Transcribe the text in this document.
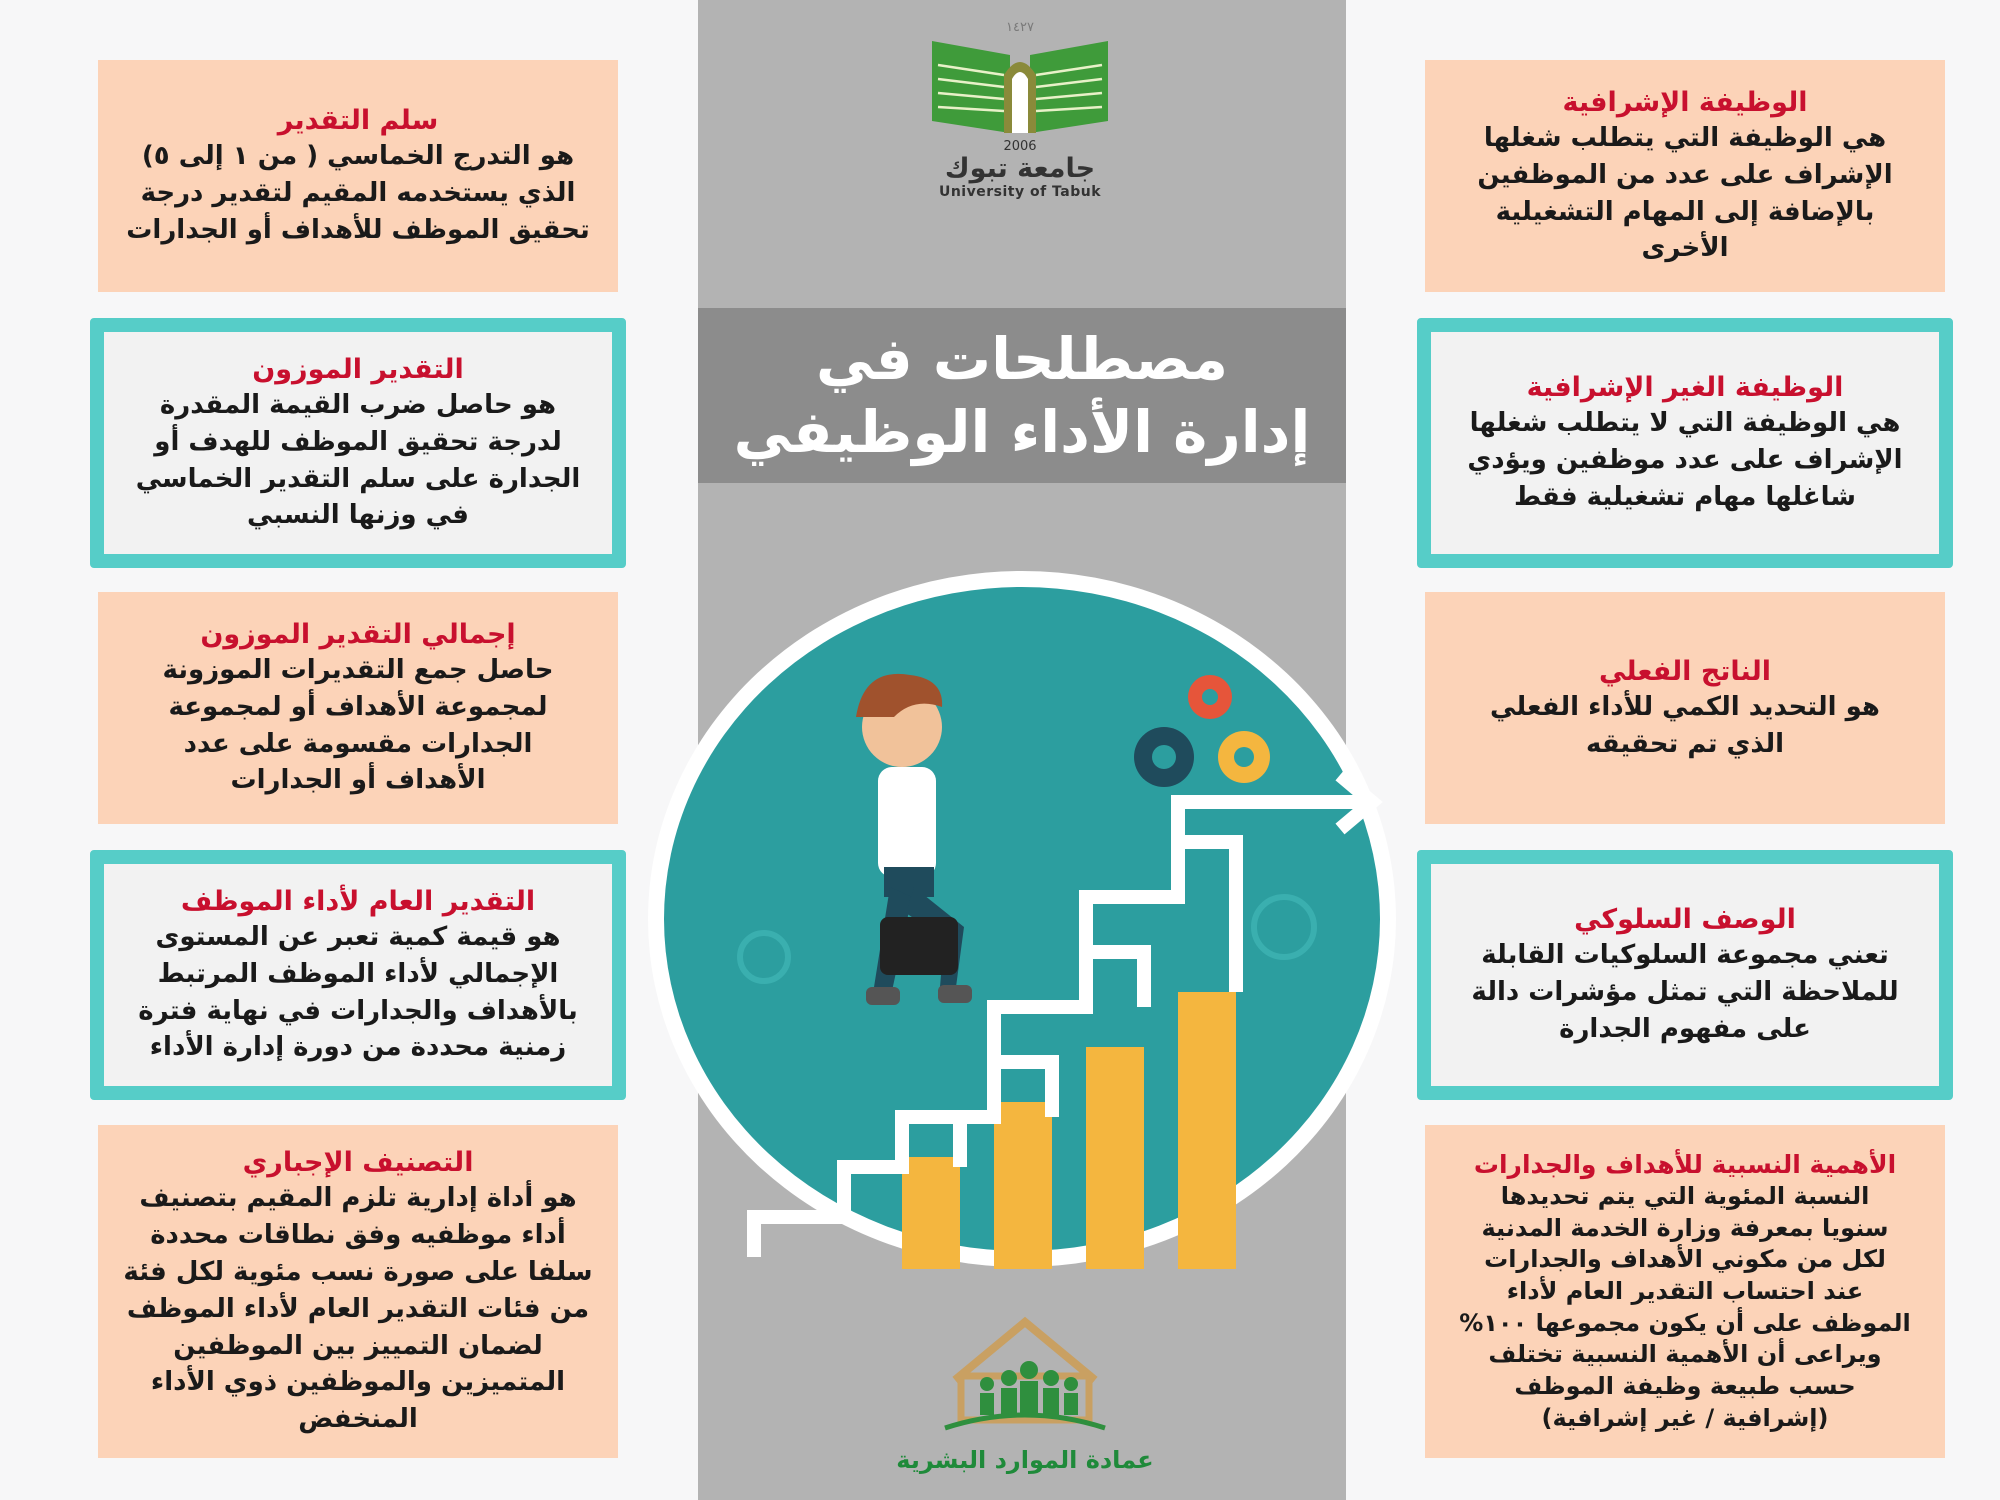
١٤٢٧
2006
جامعة تبوك
University of Tabuk
مصطلحات في
إدارة الأداء الوظيفي
عمادة الموارد البشرية
سلم التقدير
هو التدرج الخماسي ( من ١ إلى ٥)
الذي يستخدمه المقيم لتقدير درجة
تحقيق الموظف للأهداف أو الجدارات
التقدير الموزون
هو حاصل ضرب القيمة المقدرة
لدرجة تحقيق الموظف للهدف أو
الجدارة على سلم التقدير الخماسي
في وزنها النسبي
إجمالي التقدير الموزون
حاصل جمع التقديرات الموزونة
لمجموعة الأهداف أو لمجموعة
الجدارات مقسومة على عدد
الأهداف أو الجدارات
التقدير العام لأداء الموظف
هو قيمة كمية تعبر عن المستوى
الإجمالي لأداء الموظف المرتبط
بالأهداف والجدارات في نهاية فترة
زمنية محددة من دورة إدارة الأداء
التصنيف الإجباري
هو أداة إدارية تلزم المقيم بتصنيف
أداء موظفيه وفق نطاقات محددة
سلفا على صورة نسب مئوية لكل فئة
من فئات التقدير العام لأداء الموظف
لضمان التمييز بين الموظفين
المتميزين والموظفين ذوي الأداء
المنخفض
الوظيفة الإشرافية
هي الوظيفة التي يتطلب شغلها
الإشراف على عدد من الموظفين
بالإضافة إلى المهام التشغيلية
الأخرى
الوظيفة الغير الإشرافية
هي الوظيفة التي لا يتطلب شغلها
الإشراف على عدد موظفين ويؤدي
شاغلها مهام تشغيلية فقط
الناتج الفعلي
هو التحديد الكمي للأداء الفعلي
الذي تم تحقيقه
الوصف السلوكي
تعني مجموعة السلوكيات القابلة
للملاحظة التي تمثل مؤشرات دالة
على مفهوم الجدارة
الأهمية النسبية للأهداف والجدارات
النسبة المئوية التي يتم تحديدها
سنويا بمعرفة وزارة الخدمة المدنية
لكل من مكوني الأهداف والجدارات
عند احتساب التقدير العام لأداء
الموظف على أن يكون مجموعها ١٠٠%
ويراعى أن الأهمية النسبية تختلف
حسب طبيعة وظيفة الموظف
(إشرافية / غير إشرافية)
